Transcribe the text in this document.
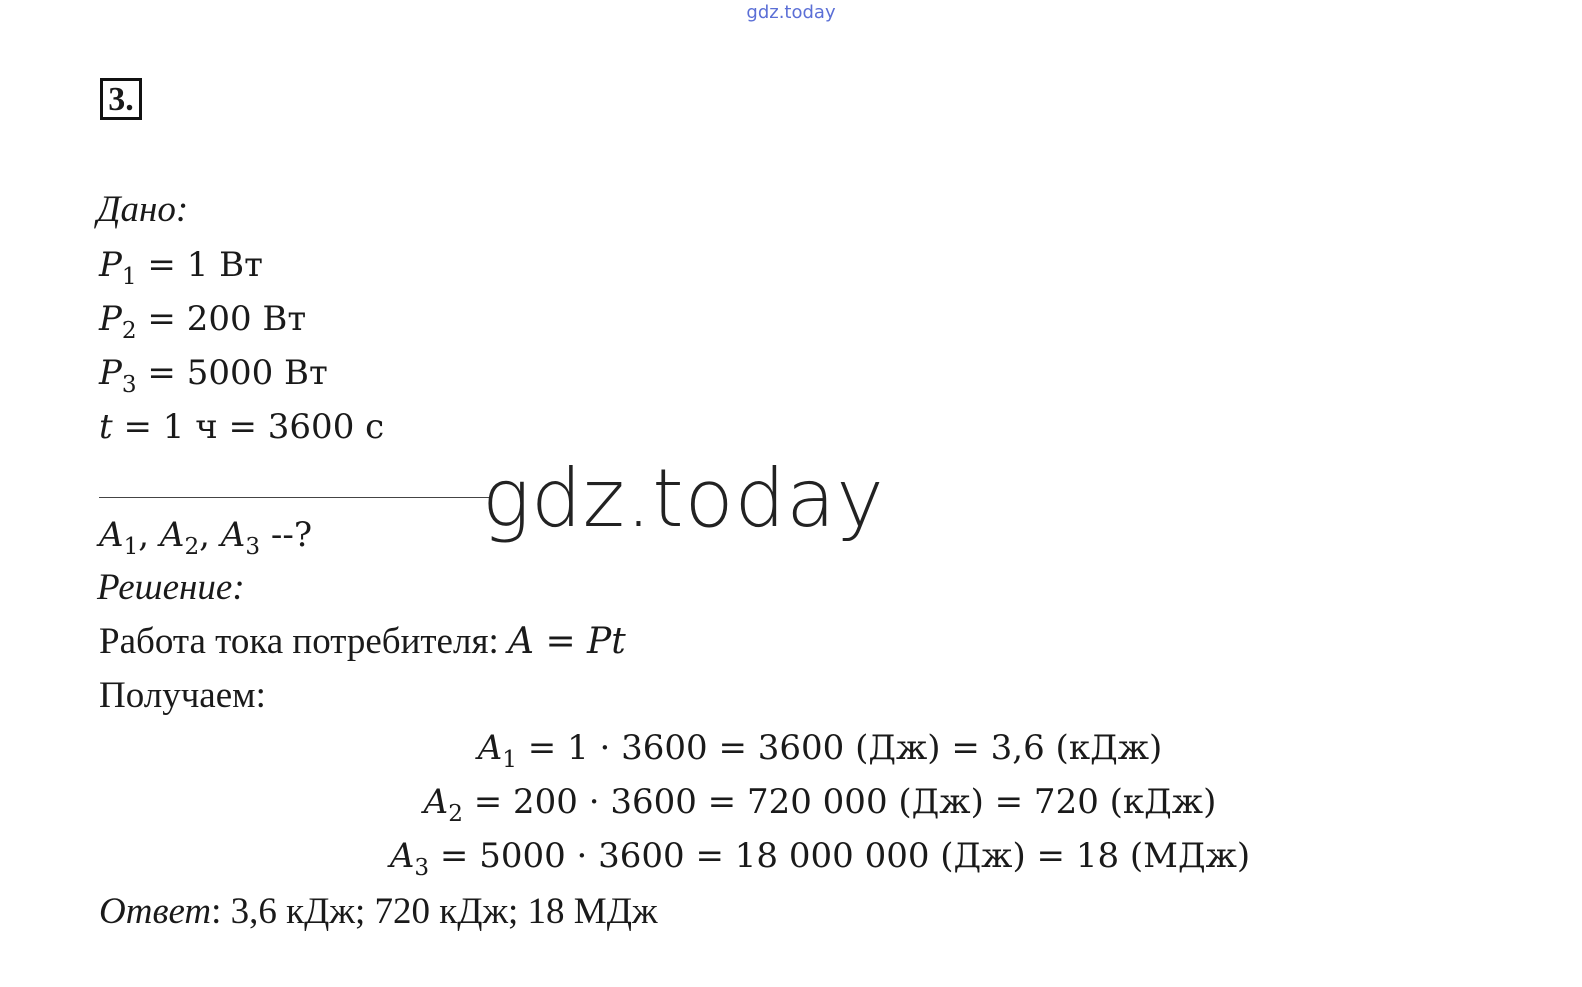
gdz.today
3.
Дано:
$P_1 = 1$ Вт
$P_2 = 200$ Вт
$P_3 = 5000$ Вт
t = 1 ч = 3600 с
gdz.today
$A_1$, $A_2$, $A_3$ --?
Решение:
Работа тока потребителя: A = Pt
Получаем:
$A_1 = 1 \cdot 3600 = 3600$ (Дж) = 3,6 (кДж)
$A_2 = 200 \cdot 3600 = 720$ 000 (Дж) = 720 (кДж)
$A_3 = 5000 \cdot 3600 = 18$ 000 000 (Дж) = 18 (МДж)
Ответ: 3,6 кДж; 720 кДж; 18 МДж
